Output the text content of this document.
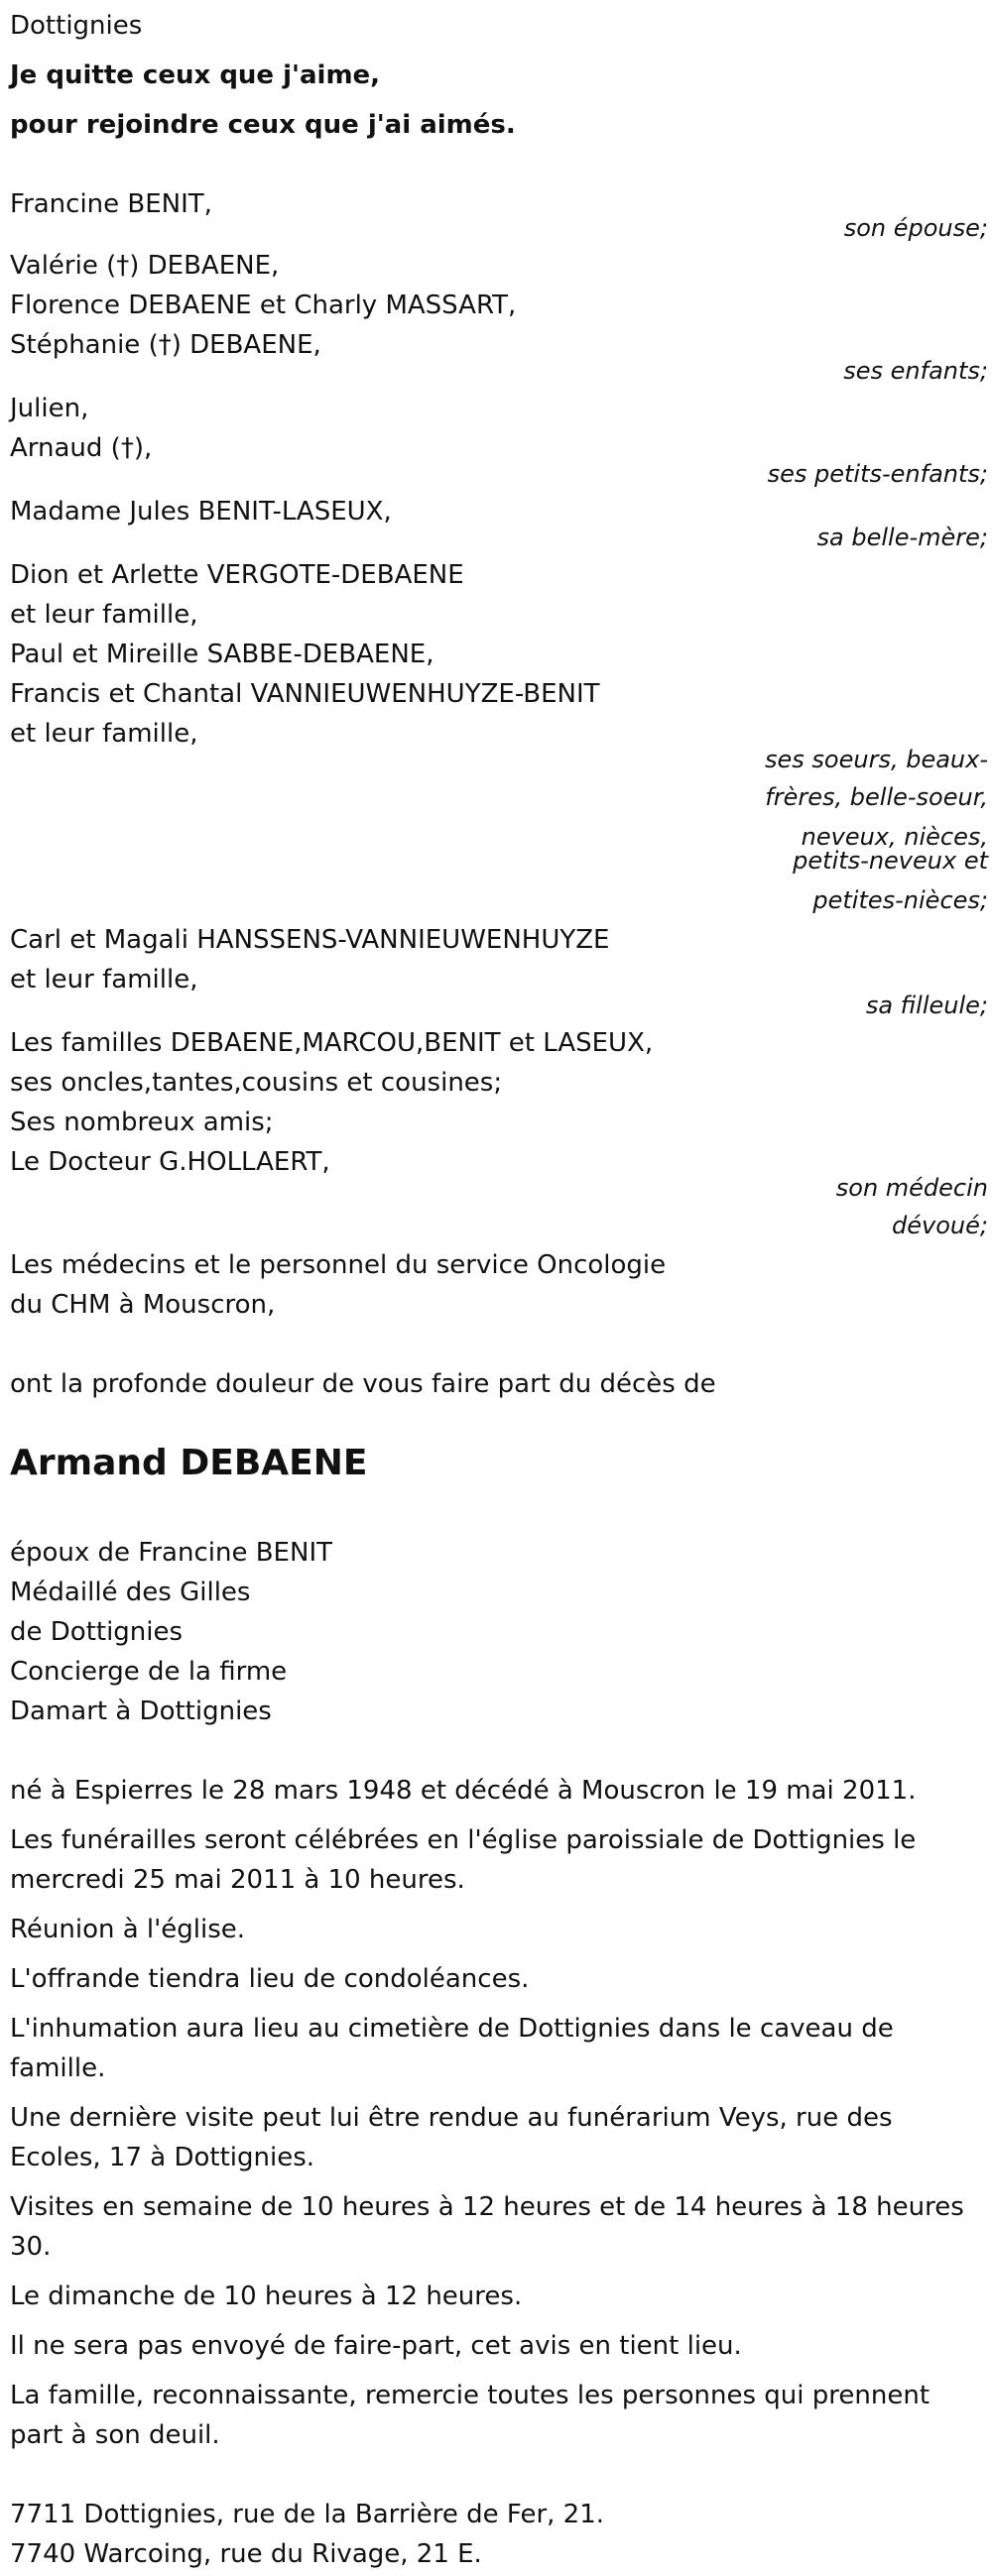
Dottignies
Je quitte ceux que j'aime,
pour rejoindre ceux que j'ai aimés.
Francine BENIT,
son épouse;
Valérie (†) DEBAENE,
Florence DEBAENE et Charly MASSART,
Stéphanie (†) DEBAENE,
ses enfants;
Julien,
Arnaud (†),
ses petits-enfants;
Madame Jules BENIT-LASEUX,
sa belle-mère;
Dion et Arlette VERGOTE-DEBAENE
et leur famille,
Paul et Mireille SABBE-DEBAENE,
Francis et Chantal VANNIEUWENHUYZE-BENIT
et leur famille,
ses soeurs, beaux-
frères, belle-soeur,
neveux, nièces,
petits-neveux et
petites-nièces;
Carl et Magali HANSSENS-VANNIEUWENHUYZE
et leur famille,
sa filleule;
Les familles DEBAENE,MARCOU,BENIT et LASEUX,
ses oncles,tantes,cousins et cousines;
Ses nombreux amis;
Le Docteur G.HOLLAERT,
son médecin
dévoué;
Les médecins et le personnel du service Oncologie
du CHM à Mouscron,
ont la profonde douleur de vous faire part du décès de
Armand DEBAENE
époux de Francine BENIT
Médaillé des Gilles
de Dottignies
Concierge de la firme
Damart à Dottignies
né à Espierres le 28 mars 1948 et décédé à Mouscron le 19 mai 2011.
Les funérailles seront célébrées en l'église paroissiale de Dottignies le
mercredi 25 mai 2011 à 10 heures.
Réunion à l'église.
L'offrande tiendra lieu de condoléances.
L'inhumation aura lieu au cimetière de Dottignies dans le caveau de
famille.
Une dernière visite peut lui être rendue au funérarium Veys, rue des
Ecoles, 17 à Dottignies.
Visites en semaine de 10 heures à 12 heures et de 14 heures à 18 heures
30.
Le dimanche de 10 heures à 12 heures.
Il ne sera pas envoyé de faire-part, cet avis en tient lieu.
La famille, reconnaissante, remercie toutes les personnes qui prennent
part à son deuil.
7711 Dottignies, rue de la Barrière de Fer, 21.
7740 Warcoing, rue du Rivage, 21 E.
